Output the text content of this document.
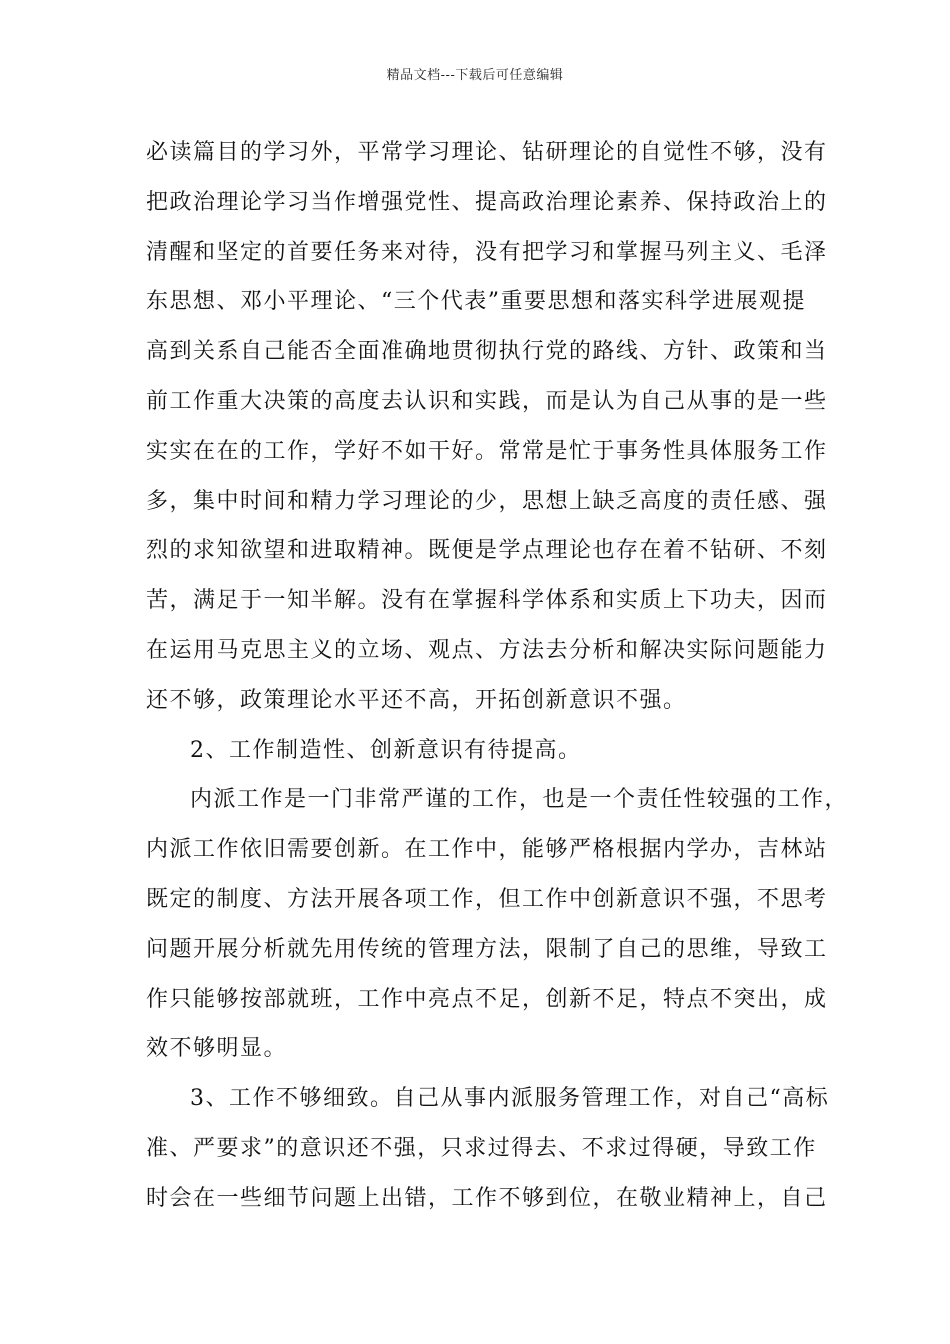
精品文档---下载后可任意编辑
必读篇目的学习外，平常学习理论、钻研理论的自觉性不够，没有
把政治理论学习当作增强党性、提高政治理论素养、保持政治上的
清醒和坚定的首要任务来对待，没有把学习和掌握马列主义、毛泽
东思想、邓小平理论、“三个代表”重要思想和落实科学进展观提
高到关系自己能否全面准确地贯彻执行党的路线、方针、政策和当
前工作重大决策的高度去认识和实践，而是认为自己从事的是一些
实实在在的工作，学好不如干好。常常是忙于事务性具体服务工作
多，集中时间和精力学习理论的少，思想上缺乏高度的责任感、强
烈的求知欲望和进取精神。既便是学点理论也存在着不钻研、不刻
苦，满足于一知半解。没有在掌握科学体系和实质上下功夫，因而
在运用马克思主义的立场、观点、方法去分析和解决实际问题能力
还不够，政策理论水平还不高，开拓创新意识不强。
2、工作制造性、创新意识有待提高。
内派工作是一门非常严谨的工作，也是一个责任性较强的工作，
内派工作依旧需要创新。在工作中，能够严格根据内学办，吉林站
既定的制度、方法开展各项工作，但工作中创新意识不强，不思考
问题开展分析就先用传统的管理方法，限制了自己的思维，导致工
作只能够按部就班，工作中亮点不足，创新不足，特点不突出，成
效不够明显。
3、工作不够细致。自己从事内派服务管理工作，对自己“高标
准、严要求”的意识还不强，只求过得去、不求过得硬，导致工作
时会在一些细节问题上出错，工作不够到位，在敬业精神上，自己
